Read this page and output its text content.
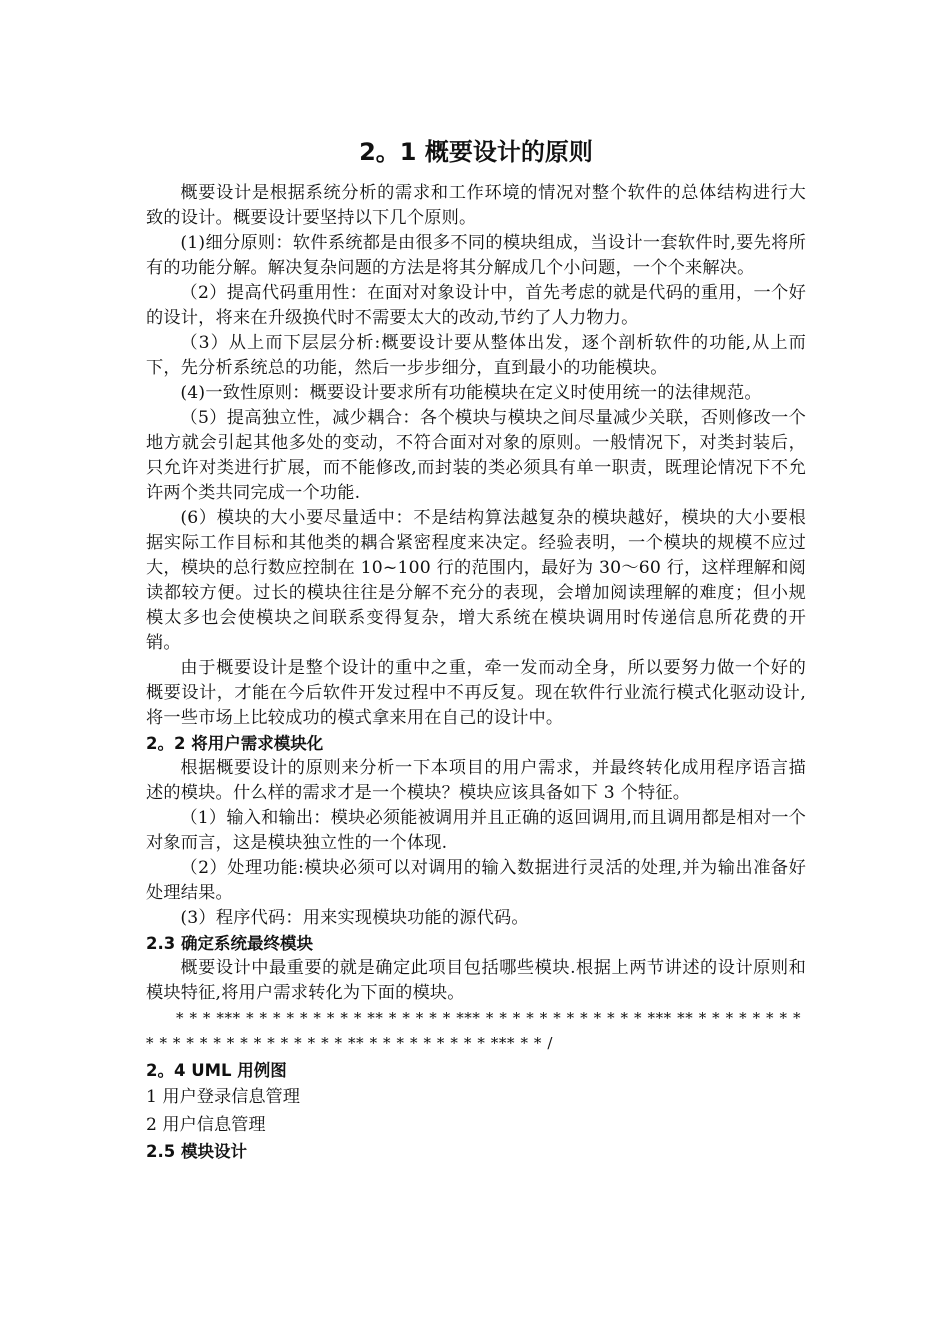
2。1 概要设计的原则

概要设计是根据系统分析的需求和工作环境的情况对整个软件的总体结构进行大致的设计。概要设计要坚持以下几个原则。

(1)细分原则：软件系统都是由很多不同的模块组成，当设计一套软件时,要先将所有的功能分解。解决复杂问题的方法是将其分解成几个小问题，一个个来解决。

（2）提高代码重用性：在面对对象设计中，首先考虑的就是代码的重用，一个好的设计，将来在升级换代时不需要太大的改动,节约了人力物力。

（3）从上而下层层分析:概要设计要从整体出发，逐个剖析软件的功能,从上而下，先分析系统总的功能，然后一步步细分，直到最小的功能模块。

(4)一致性原则：概要设计要求所有功能模块在定义时使用统一的法律规范。

（5）提高独立性，减少耦合：各个模块与模块之间尽量减少关联，否则修改一个地方就会引起其他多处的变动，不符合面对对象的原则。一般情况下，对类封装后，只允许对类进行扩展，而不能修改,而封装的类必须具有单一职责，既理论情况下不允许两个类共同完成一个功能.

(6）模块的大小要尽量适中：不是结构算法越复杂的模块越好，模块的大小要根据实际工作目标和其他类的耦合紧密程度来决定。经验表明，一个模块的规模不应过大，模块的总行数应控制在 10~100 行的范围内，最好为 30～60 行，这样理解和阅读都较方便。过长的模块往往是分解不充分的表现，会增加阅读理解的难度；但小规模太多也会使模块之间联系变得复杂，增大系统在模块调用时传递信息所花费的开销。

由于概要设计是整个设计的重中之重，牵一发而动全身，所以要努力做一个好的概要设计，才能在今后软件开发过程中不再反复。现在软件行业流行模式化驱动设计,将一些市场上比较成功的模式拿来用在自己的设计中。

2。2 将用户需求模块化

根据概要设计的原则来分析一下本项目的用户需求，并最终转化成用程序语言描述的模块。什么样的需求才是一个模块？模块应该具备如下 3 个特征。

（1）输入和输出：模块必须能被调用并且正确的返回调用,而且调用都是相对一个对象而言，这是模块独立性的一个体现.

（2）处理功能:模块必须可以对调用的输入数据进行灵活的处理,并为输出准备好处理结果。

(3）程序代码：用来实现模块功能的源代码。

2.3 确定系统最终模块

概要设计中最重要的就是确定此项目包括哪些模块.根据上两节讲述的设计原则和模块特征,将用户需求转化为下面的模块。

* * * *** * * * * * * * * * ** * * * * * *** * * * * * * * * * * * * *** ** * * * * * * * * * * * * * * * * * * * * * * * ** * * * * * * * * * *** * * /

2。4 UML 用例图

1 用户登录信息管理

2 用户信息管理

2.5 模块设计
